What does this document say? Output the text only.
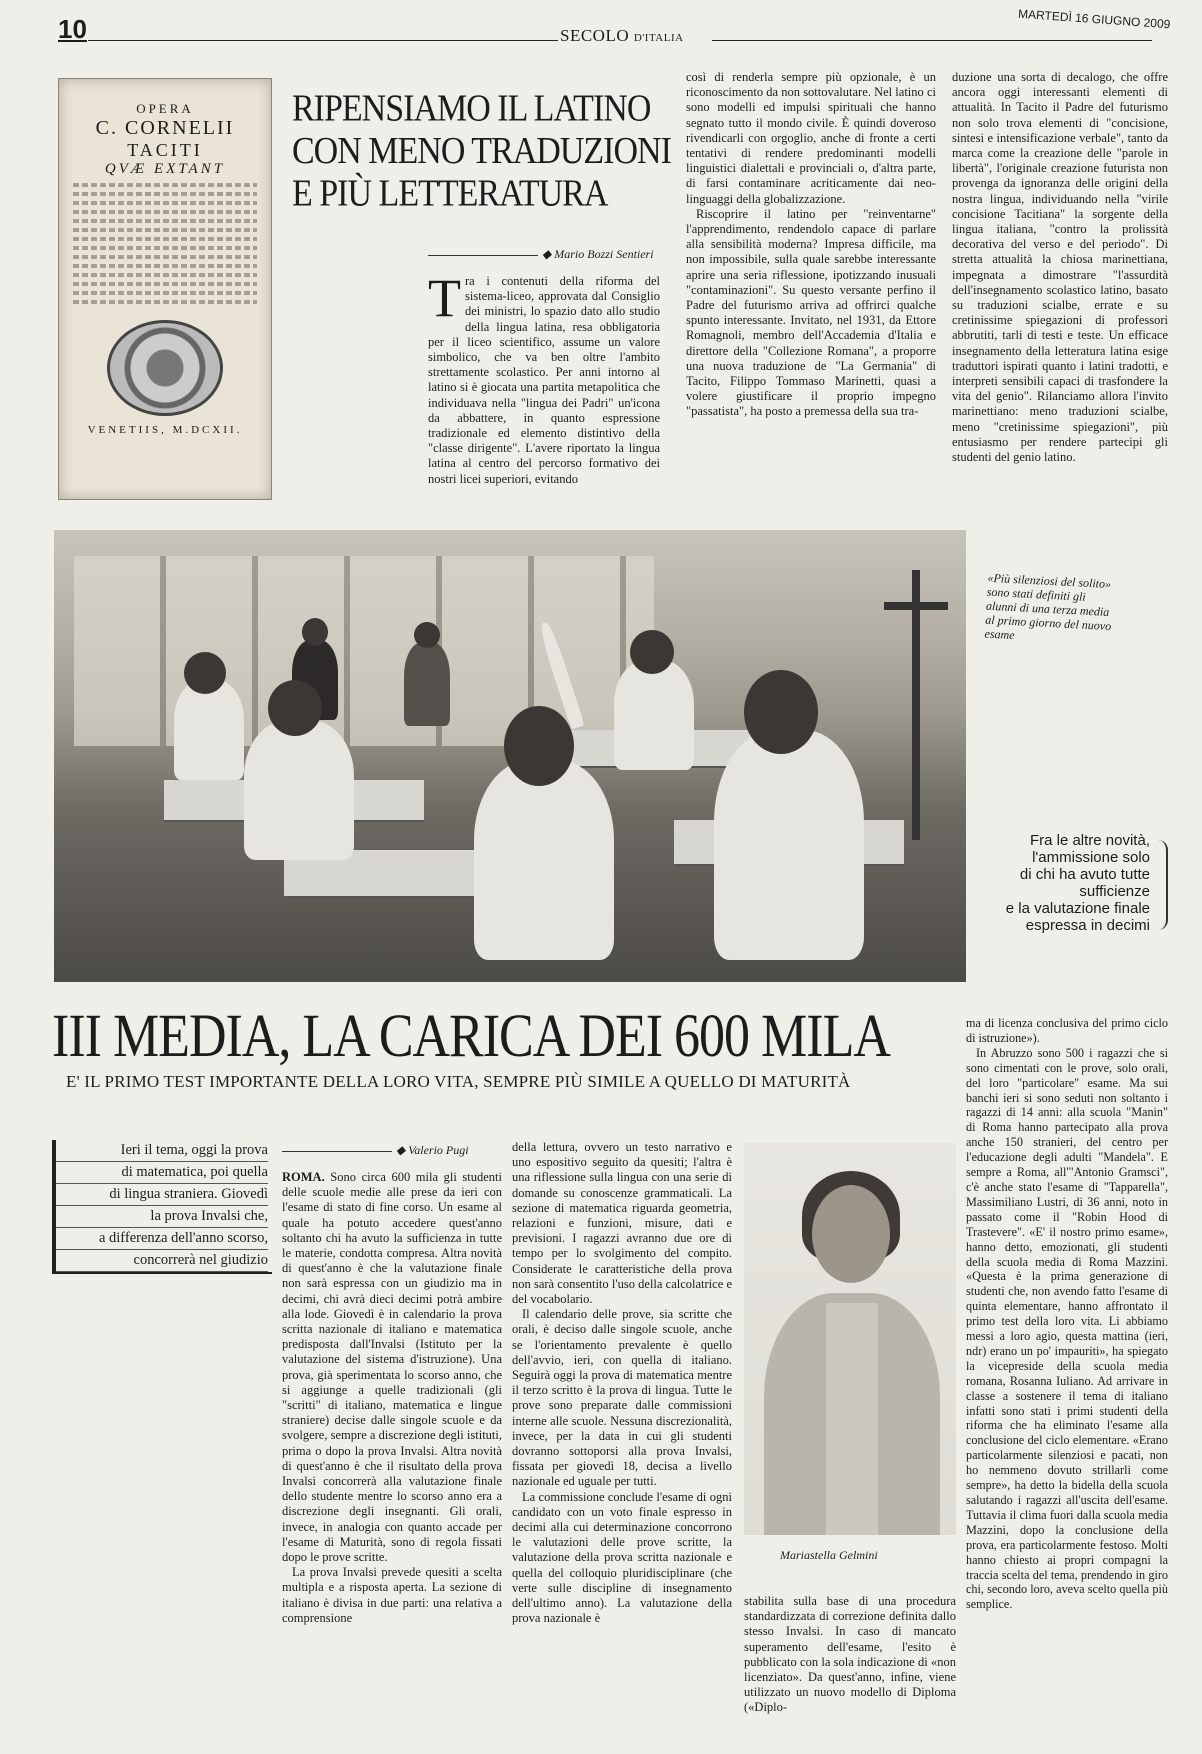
10	SECOLO D'ITALIA
MARTEDÌ 16 GIUGNO 2009
OPERA
C. CORNELII
TACITI
QVÆ EXTANT
VENETIIS, M.DCXII.
RIPENSIAMO IL LATINO
CON MENO TRADUZIONI
E PIÙ LETTERATURA
◆ Mario Bozzi Sentieri
T ra i contenuti della riforma del sistema-liceo, approvata dal Consiglio dei ministri, lo spazio dato allo studio della lingua latina, resa obbligatoria per il liceo scientifico, assume un valore simbolico, che va ben oltre l'ambito strettamente scolastico. Per anni intorno al latino si è giocata una partita metapolitica che individuava nella "lingua dei Padri" un'icona da abbattere, in quanto espressione tradizionale ed elemento distintivo della "classe dirigente". L'avere riportato la lingua latina al centro del percorso formativo dei nostri licei superiori, evitando

così di renderla sempre più opzionale, è un riconoscimento da non sottovalutare. Nel latino ci sono modelli ed impulsi spirituali che hanno segnato tutto il mondo civile. È quindi doveroso rivendicarli con orgoglio, anche di fronte a certi tentativi di rendere predominanti modelli linguistici dialettali e provinciali o, d'altra parte, di farsi contaminare acriticamente dai neo-linguaggi della globalizzazione.

Riscoprire il latino per "reinventarne" l'apprendimento, rendendolo capace di parlare alla sensibilità moderna? Impresa difficile, ma non impossibile, sulla quale sarebbe interessante aprire una seria riflessione, ipotizzando inusuali "contaminazioni". Su questo versante perfino il Padre del futurismo arriva ad offrirci qualche spunto interessante. Invitato, nel 1931, da Ettore Romagnoli, membro dell'Accademia d'Italia e direttore della "Collezione Romana", a proporre una nuova traduzione de "La Germania" di Tacito, Filippo Tommaso Marinetti, quasi a volere giustificare il proprio impegno "passatista", ha posto a premessa della sua tra-

duzione una sorta di decalogo, che offre ancora oggi interessanti elementi di attualità. In Tacito il Padre del futurismo non solo trova elementi di "concisione, sintesi e intensificazione verbale", tanto da marca come la creazione delle "parole in libertà", l'originale creazione futurista non provenga da ignoranza delle origini della nostra lingua, individuando nella "virile concisione Tacitiana" la sorgente della lingua italiana, "contro la prolissità decorativa del verso e del periodo". Di stretta attualità la chiosa marinettiana, impegnata a dimostrare "l'assurdità dell'insegnamento scolastico latino, basato su traduzioni scialbe, errate e su cretinissime spiegazioni di professori abbrutiti, tarli di testi e teste. Un efficace insegnamento della letteratura latina esige traduttori ispirati quanto i latini tradotti, e interpreti sensibili capaci di trasfondere la vita del genio". Rilanciamo allora l'invito marinettiano: meno traduzioni scialbe, meno "cretinissime spiegazioni", più entusiasmo per rendere partecipi gli studenti del genio latino.

«Più silenziosi del solito» sono stati definiti gli alunni di una terza media al primo giorno del nuovo esame
Fra le altre novità,
l'ammissione solo
di chi ha avuto tutte
sufficienze
e la valutazione finale
espressa in decimi
III MEDIA, LA CARICA DEI 600 MILA
E' IL PRIMO TEST IMPORTANTE DELLA LORO VITA, SEMPRE PIÙ SIMILE A QUELLO DI MATURITÀ
Ieri il tema, oggi la prova
di matematica, poi quella
di lingua straniera. Giovedì
la prova Invalsi che,
a differenza dell'anno scorso,
concorrerà nel giudizio
◆ Valerio Pugi

ROMA. Sono circa 600 mila gli studenti delle scuole medie alle prese da ieri con l'esame di stato di fine corso. Un esame al quale ha potuto accedere quest'anno soltanto chi ha avuto la sufficienza in tutte le materie, condotta compresa. Altra novità di quest'anno è che la valutazione finale non sarà espressa con un giudizio ma in decimi, chi avrà dieci decimi potrà ambire alla lode. Giovedì è in calendario la prova scritta nazionale di italiano e matematica predisposta dall'Invalsi (Istituto per la valutazione del sistema d'istruzione). Una prova, già sperimentata lo scorso anno, che si aggiunge a quelle tradizionali (gli "scritti" di italiano, matematica e lingue straniere) decise dalle singole scuole e da svolgere, sempre a discrezione degli istituti, prima o dopo la prova Invalsi. Altra novità di quest'anno è che il risultato della prova Invalsi concorrerà alla valutazione finale dello studente mentre lo scorso anno era a discrezione degli insegnanti. Gli orali, invece, in analogia con quanto accade per l'esame di Maturità, sono di regola fissati dopo le prove scritte.

La prova Invalsi prevede quesiti a scelta multipla e a risposta aperta. La sezione di italiano è divisa in due parti: una relativa a comprensione

della lettura, ovvero un testo narrativo e uno espositivo seguito da quesiti; l'altra è una riflessione sulla lingua con una serie di domande su conoscenze grammaticali. La sezione di matematica riguarda geometria, relazioni e funzioni, misure, dati e previsioni. I ragazzi avranno due ore di tempo per lo svolgimento del compito. Considerate le caratteristiche della prova non sarà consentito l'uso della calcolatrice e del vocabolario.

Il calendario delle prove, sia scritte che orali, è deciso dalle singole scuole, anche se l'orientamento prevalente è quello dell'avvio, ieri, con quella di italiano. Seguirà oggi la prova di matematica mentre il terzo scritto è la prova di lingua. Tutte le prove sono preparate dalle commissioni interne alle scuole. Nessuna discrezionalità, invece, per la data in cui gli studenti dovranno sottoporsi alla prova Invalsi, fissata per giovedì 18, decisa a livello nazionale ed uguale per tutti.

La commissione conclude l'esame di ogni candidato con un voto finale espresso in decimi alla cui determinazione concorrono le valutazioni delle prove scritte, la valutazione della prova scritta nazionale e quella del colloquio pluridisciplinare (che verte sulle discipline di insegnamento dell'ultimo anno). La valutazione della prova nazionale è

Mariastella Gelmini

stabilita sulla base di una procedura standardizzata di correzione definita dallo stesso Invalsi. In caso di mancato superamento dell'esame, l'esito è pubblicato con la sola indicazione di «non licenziato». Da quest'anno, infine, viene utilizzato un nuovo modello di Diploma («Diplo-

ma di licenza conclusiva del primo ciclo di istruzione»).

In Abruzzo sono 500 i ragazzi che si sono cimentati con le prove, solo orali, del loro "particolare" esame. Ma sui banchi ieri si sono seduti non soltanto i ragazzi di 14 anni: alla scuola "Manin" di Roma hanno partecipato alla prova anche 150 stranieri, del centro per l'educazione degli adulti "Mandela". E sempre a Roma, all'"Antonio Gramsci", c'è anche stato l'esame di "Tapparella", Massimiliano Lustri, di 36 anni, noto in passato come il "Robin Hood di Trastevere". «E' il nostro primo esame», hanno detto, emozionati, gli studenti della scuola media di Roma Mazzini. «Questa è la prima generazione di studenti che, non avendo fatto l'esame di quinta elementare, hanno affrontato il primo test della loro vita. Li abbiamo messi a loro agio, questa mattina (ieri, ndr) erano un po' impauriti», ha spiegato la vicepreside della scuola media romana, Rosanna Iuliano. Ad arrivare in classe a sostenere il tema di italiano infatti sono stati i primi studenti della riforma che ha eliminato l'esame alla conclusione del ciclo elementare. «Erano particolarmente silenziosi e pacati, non ho nemmeno dovuto strillarli come sempre», ha detto la bidella della scuola salutando i ragazzi all'uscita dell'esame. Tuttavia il clima fuori dalla scuola media Mazzini, dopo la conclusione della prova, era particolarmente festoso. Molti hanno chiesto ai propri compagni la traccia scelta del tema, prendendo in giro chi, secondo loro, aveva scelto quella più semplice.
